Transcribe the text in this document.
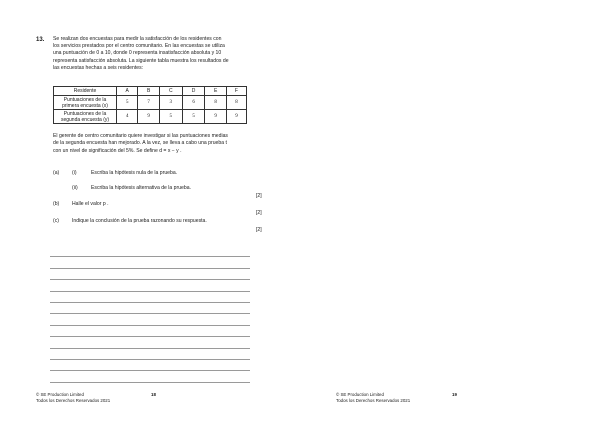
13. Se realizan dos encuestas para medir la satisfacción de los residentes con

los servicios prestados por el centro comunitario. En las encuestas se utiliza

una puntuación de 0 a 10, donde 0 representa insatisfacción absoluta y 10

representa satisfacción absoluta. La siguiente tabla muestra los resultados de

las encuestas hechas a seis residentes:

Residente	A	B	C	D	E	F
Puntuaciones de la
primera encuesta (x)	5	7	3	6	8	8
Puntuaciones de la
segunda encuesta (y)	4	9	5	5	9	9

El gerente de centro comunitario quiere investigar si las puntuaciones medias

de la segunda encuesta han mejorado. A la vez, se lleva a cabo una prueba t

con un nivel de significación del 5%. Se define d = x − y .

(a)	(i)	Escriba la hipótesis nula de la prueba.
(ii)	Escriba la hipótesis alternativa de la prueba.
[2]
(b)	Halle el valor p .
[2]
(c)	Indique la conclusión de la prueba razonando su respuesta.
[2]
© SE Production Limited
Todos los Derechos Reservados 2021
18	© SE Production Limited
Todos los Derechos Reservados 2021
19
